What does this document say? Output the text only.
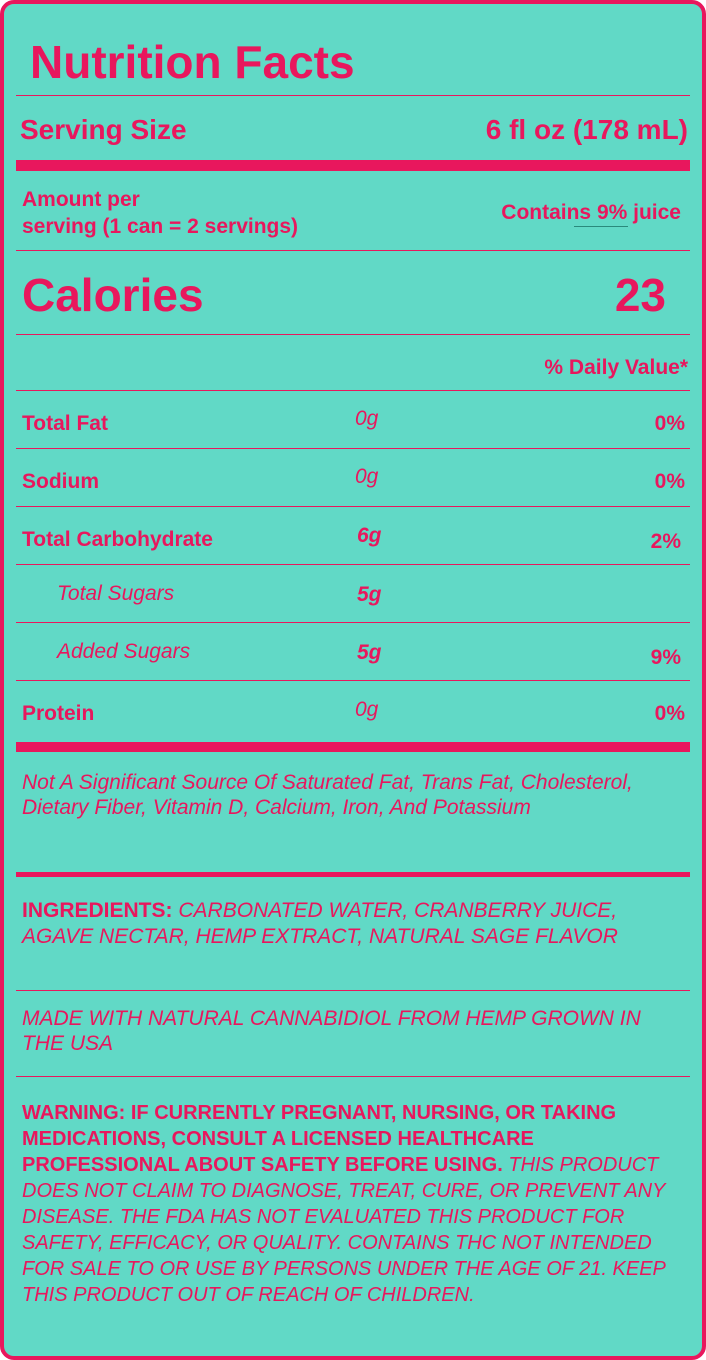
Nutrition Facts
Serving Size	6 fl oz (178 mL)
Amount per
serving (1 can = 2 servings)
Contains 9% juice
Calories	23
% Daily Value*
Total Fat	0g	0%
Sodium	0g	0%
Total Carbohydrate	6g	2%
Total Sugars	5g
Added Sugars	5g	9%
Protein	0g	0%
Not A Significant Source Of Saturated Fat, Trans Fat, Cholesterol, Dietary Fiber, Vitamin D, Calcium, Iron, And Potassium
INGREDIENTS: CARBONATED WATER, CRANBERRY JUICE, AGAVE NECTAR, HEMP EXTRACT, NATURAL SAGE FLAVOR
MADE WITH NATURAL CANNABIDIOL FROM HEMP GROWN IN THE USA
WARNING: IF CURRENTLY PREGNANT, NURSING, OR TAKING MEDICATIONS, CONSULT A LICENSED HEALTHCARE PROFESSIONAL ABOUT SAFETY BEFORE USING. THIS PRODUCT DOES NOT CLAIM TO DIAGNOSE, TREAT, CURE, OR PREVENT ANY DISEASE. THE FDA HAS NOT EVALUATED THIS PRODUCT FOR SAFETY, EFFICACY, OR QUALITY. CONTAINS THC NOT INTENDED FOR SALE TO OR USE BY PERSONS UNDER THE AGE OF 21. KEEP THIS PRODUCT OUT OF REACH OF CHILDREN.
